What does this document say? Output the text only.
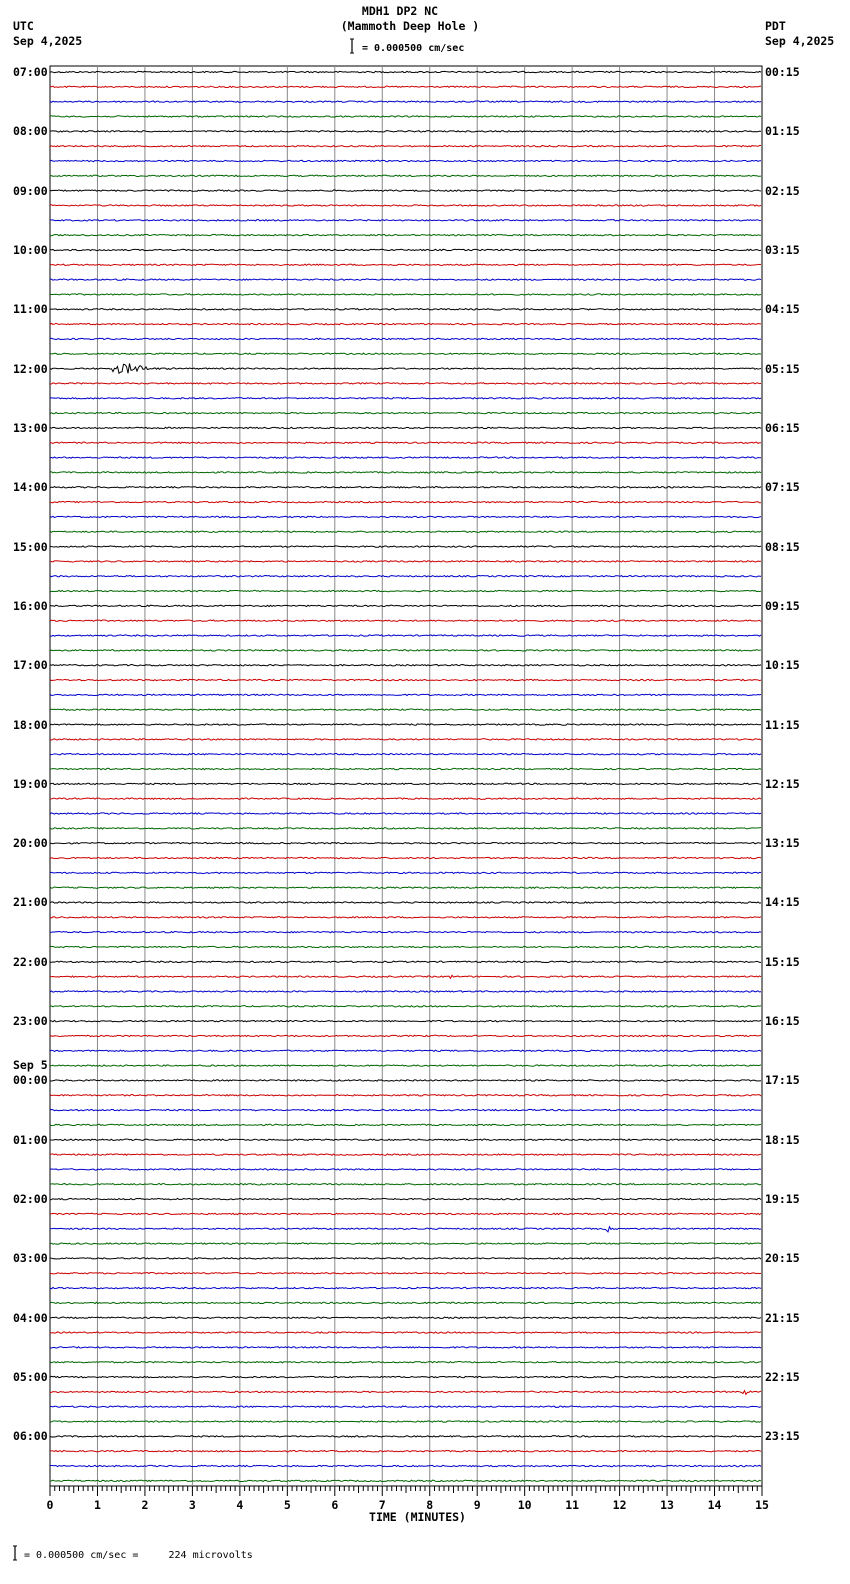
MDH1 DP2 NC
(Mammoth Deep Hole )
= 0.000500 cm/sec
UTC
Sep 4,2025
PDT
Sep 4,2025
0	1	2	3	4	5	6	7	8	9	10	11	12	13	14	15
07:00
08:00
09:00
10:00
11:00
12:00
13:00
14:00
15:00
16:00
17:00
18:00
19:00
20:00
21:00
22:00
23:00
Sep 5
00:00
01:00
02:00
03:00
04:00
05:00
06:00
00:15
01:15
02:15
03:15
04:15
05:15
06:15
07:15
08:15
09:15
10:15
11:15
12:15
13:15
14:15
15:15
16:15
17:15
18:15
19:15
20:15
21:15
22:15
23:15
TIME (MINUTES)
= 0.000500 cm/sec =     224 microvolts
